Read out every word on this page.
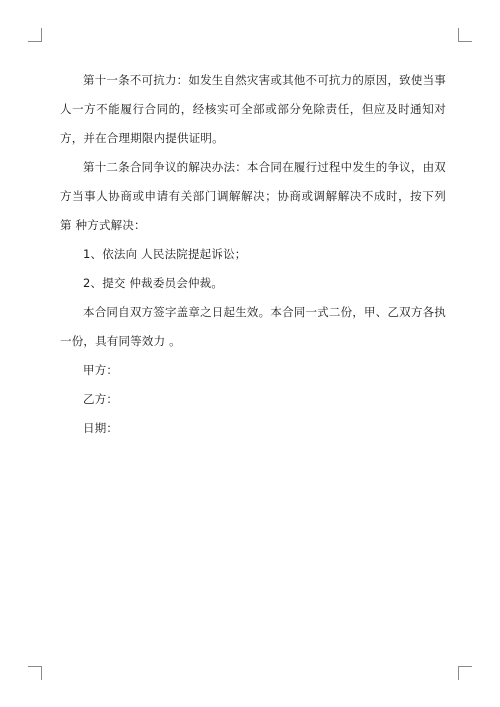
第十一条不可抗力：如发生自然灾害或其他不可抗力的原因，致使当事人一方不能履行合同的，经核实可全部或部分免除责任，但应及时通知对方，并在合理期限内提供证明。

第十二条合同争议的解决办法：本合同在履行过程中发生的争议，由双方当事人协商或申请有关部门调解解决；协商或调解解决不成时，按下列第 种方式解决：

1、依法向 人民法院提起诉讼；

2、提交 仲裁委员会仲裁。

本合同自双方签字盖章之日起生效。本合同一式二份，甲、乙双方各执一份，具有同等效力 。

甲方：

乙方：

日期：
